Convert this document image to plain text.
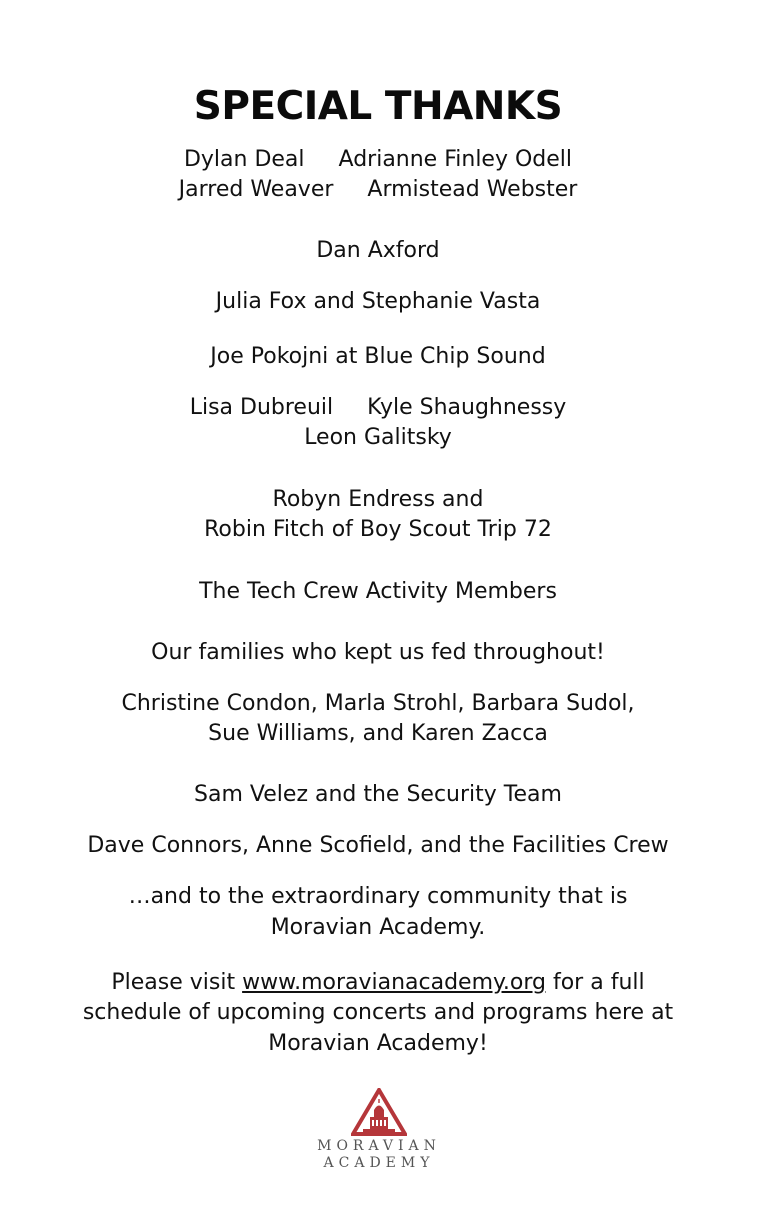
SPECIAL THANKS
Dylan Deal Adrianne Finley Odell
Jarred Weaver Armistead Webster
Dan Axford
Julia Fox and Stephanie Vasta
Joe Pokojni at Blue Chip Sound
Lisa Dubreuil Kyle Shaughnessy
Leon Galitsky
Robyn Endress and
Robin Fitch of Boy Scout Trip 72
The Tech Crew Activity Members
Our families who kept us fed throughout!
Christine Condon, Marla Strohl, Barbara Sudol,
Sue Williams, and Karen Zacca
Sam Velez and the Security Team
Dave Connors, Anne Scofield, and the Facilities Crew
…and to the extraordinary community that is
Moravian Academy.
Please visit www.moravianacademy.org for a full
schedule of upcoming concerts and programs here at
Moravian Academy!
MORAVIAN
ACADEMY
